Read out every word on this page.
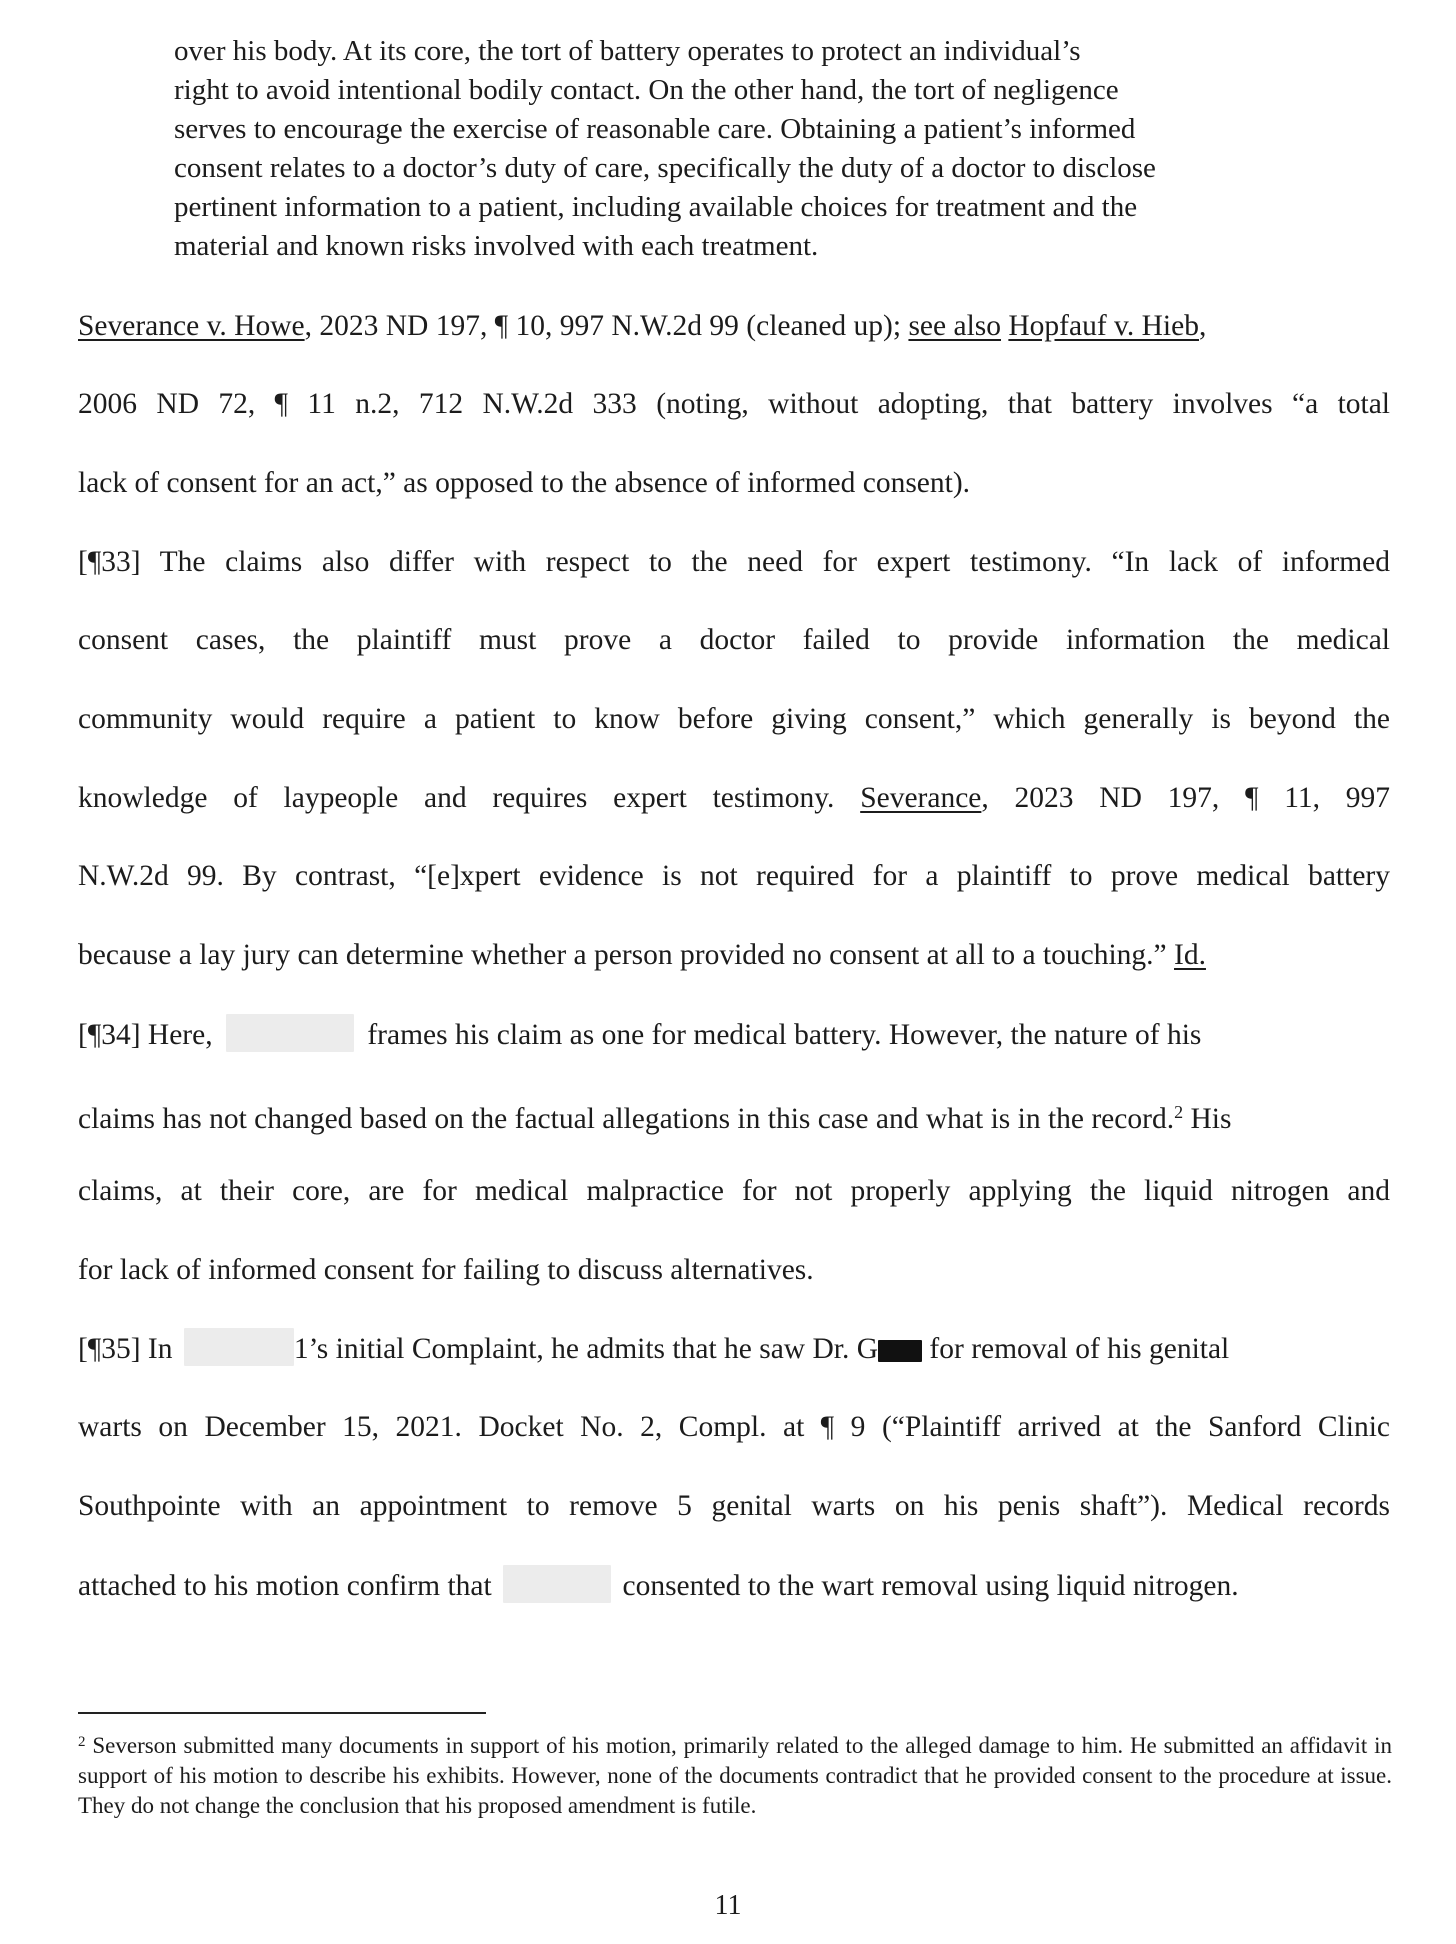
over his body. At its core, the tort of battery operates to protect an individual’s
right to avoid intentional bodily contact. On the other hand, the tort of negligence
serves to encourage the exercise of reasonable care. Obtaining a patient’s informed
consent relates to a doctor’s duty of care, specifically the duty of a doctor to disclose
pertinent information to a patient, including available choices for treatment and the
material and known risks involved with each treatment.
Severance v. Howe, 2023 ND 197, ¶ 10, 997 N.W.2d 99 (cleaned up); see also Hopfauf v. Hieb,
2006 ND 72, ¶ 11 n.2, 712 N.W.2d 333 (noting, without adopting, that battery involves “a total
lack of consent for an act,” as opposed to the absence of informed consent).
[¶33] The claims also differ with respect to the need for expert testimony. “In lack of informed
consent cases, the plaintiff must prove a doctor failed to provide information the medical
community would require a patient to know before giving consent,” which generally is beyond the
knowledge of laypeople and requires expert testimony. Severance, 2023 ND 197, ¶ 11, 997
N.W.2d 99. By contrast, “[e]xpert evidence is not required for a plaintiff to prove medical battery
because a lay jury can determine whether a person provided no consent at all to a touching.” Id.
[¶34] Here,	frames his claim as one for medical battery. However, the nature of his
claims has not changed based on the factual allegations in this case and what is in the record.$^2$ His
claims, at their core, are for medical malpractice for not properly applying the liquid nitrogen and
for lack of informed consent for failing to discuss alternatives.
[¶35] In	1’s initial Complaint, he admits that he saw Dr. G for removal of his genital
warts on December 15, 2021. Docket No. 2, Compl. at ¶ 9 (“Plaintiff arrived at the Sanford Clinic
Southpointe with an appointment to remove 5 genital warts on his penis shaft”). Medical records
attached to his motion confirm that	consented to the wart removal using liquid nitrogen.
$^2$ Severson submitted many documents in support of his motion, primarily related to the alleged damage to him. He submitted an affidavit in support of his motion to describe his exhibits. However, none of the documents contradict that he provided consent to the procedure at issue. They do not change the conclusion that his proposed amendment is futile.
11
